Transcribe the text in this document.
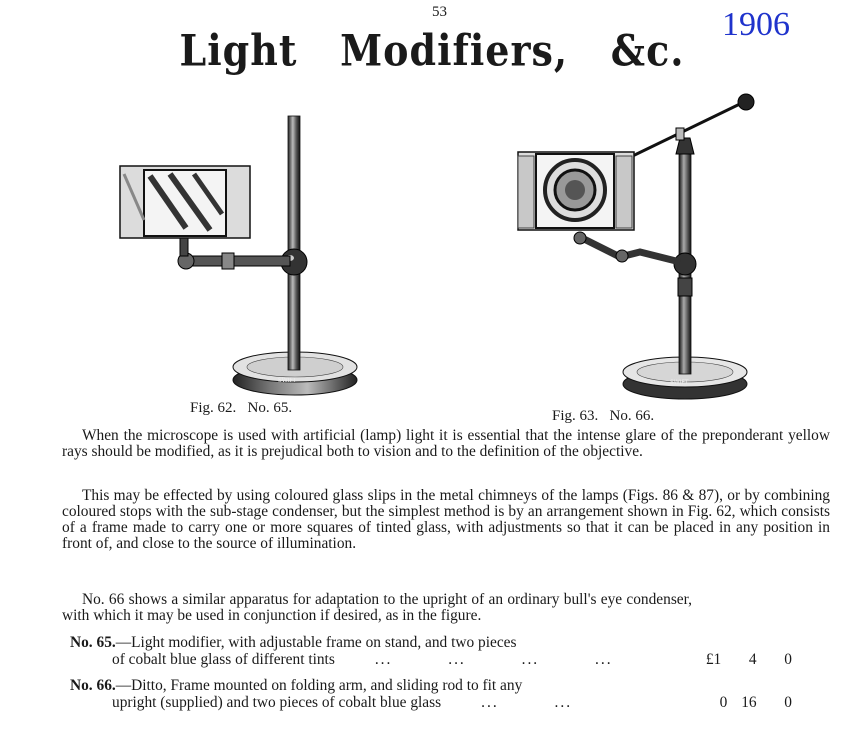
53	1906
Light   Modifiers,   &c.
SWIFT	SWIFT
Fig. 62.   No. 65.	Fig. 63.   No. 66.
When the microscope is used with artificial (lamp) light it is essential that the intense glare of the preponderant yellow rays should be modified, as it is prejudical both to vision and to the definition of the objective.
This may be effected by using coloured glass slips in the metal chimneys of the lamps (Figs. 86 & 87), or by combining coloured stops with the sub-stage condenser, but the simplest method is by an arrangement shown in Fig. 62, which consists of a frame made to carry one or more squares of tinted glass, with adjustments so that it can be placed in any position in front of, and close to the source of illumination.
No. 66 shows a similar apparatus for adaptation to the upright of an ordinary bull's eye condenser, with which it may be used in conjunction if desired, as in the figure.
No. 65.—Light modifier, with adjustable frame on stand, and two pieces
of cobalt blue glass of different tints	... ... ... ...	£1  4  0
No. 66.—Ditto, Frame mounted on folding arm, and sliding rod to fit any
upright (supplied) and two pieces of cobalt blue glass	... ...	0 16  0
